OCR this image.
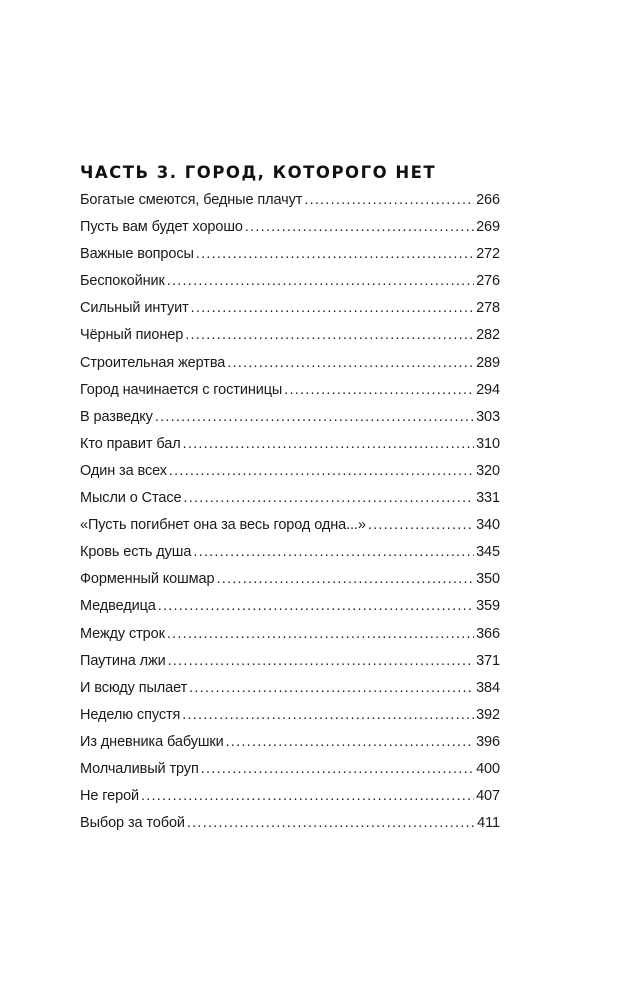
ЧАСТЬ 3. ГОРОД, КОТОРОГО НЕТ
Богатые смеются, бедные плачут . . .	266
Пусть вам будет хорошо . . .	269
Важные вопросы . . .	272
Беспокойник . . .	276
Сильный интуит . . .	278
Чёрный пионер . . .	282
Строительная жертва . . .	289
Город начинается с гостиницы . . .	294
В разведку . . .	303
Кто правит бал . . .	310
Один за всех . . .	320
Мысли о Стасе . . .	331
«Пусть погибнет она за весь город одна...» . . .	340
Кровь есть душа . . .	345
Форменный кошмар . . .	350
Медведица . . .	359
Между строк . . .	366
Паутина лжи . . .	371
И всюду пылает . . .	384
Неделю спустя . . .	392
Из дневника бабушки . . .	396
Молчаливый труп . . .	400
Не герой . . .	407
Выбор за тобой . . .	411
